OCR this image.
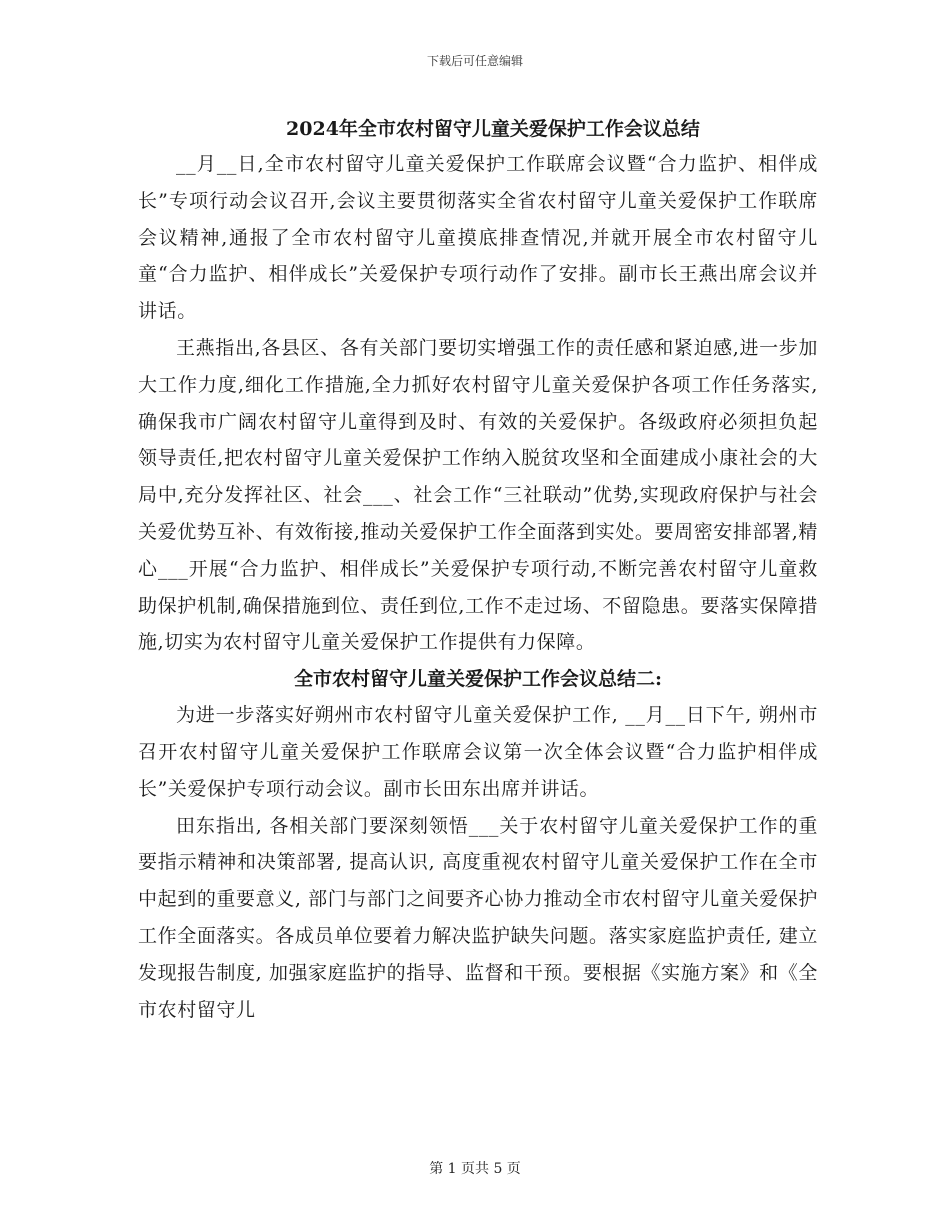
下载后可任意编辑
2024年全市农村留守儿童关爱保护工作会议总结

__月__日,全市农村留守儿童关爱保护工作联席会议暨“合力监护、相伴成长”专项行动会议召开,会议主要贯彻落实全省农村留守儿童关爱保护工作联席会议精神,通报了全市农村留守儿童摸底排查情况,并就开展全市农村留守儿童“合力监护、相伴成长”关爱保护专项行动作了安排。副市长王燕出席会议并讲话。

王燕指出,各县区、各有关部门要切实增强工作的责任感和紧迫感,进一步加大工作力度,细化工作措施,全力抓好农村留守儿童关爱保护各项工作任务落实,确保我市广阔农村留守儿童得到及时、有效的关爱保护。各级政府必须担负起领导责任,把农村留守儿童关爱保护工作纳入脱贫攻坚和全面建成小康社会的大局中,充分发挥社区、社会___、社会工作“三社联动”优势,实现政府保护与社会关爱优势互补、有效衔接,推动关爱保护工作全面落到实处。要周密安排部署,精心___开展“合力监护、相伴成长”关爱保护专项行动,不断完善农村留守儿童救助保护机制,确保措施到位、责任到位,工作不走过场、不留隐患。要落实保障措施,切实为农村留守儿童关爱保护工作提供有力保障。

全市农村留守儿童关爱保护工作会议总结二:

为进一步落实好朔州市农村留守儿童关爱保护工作, __月__日下午, 朔州市召开农村留守儿童关爱保护工作联席会议第一次全体会议暨“合力监护相伴成长”关爱保护专项行动会议。副市长田东出席并讲话。

田东指出, 各相关部门要深刻领悟___关于农村留守儿童关爱保护工作的重要指示精神和决策部署, 提高认识, 高度重视农村留守儿童关爱保护工作在全市中起到的重要意义, 部门与部门之间要齐心协力推动全市农村留守儿童关爱保护工作全面落实。各成员单位要着力解决监护缺失问题。落实家庭监护责任, 建立发现报告制度, 加强家庭监护的指导、监督和干预。要根据《实施方案》和《全市农村留守儿

第 1 页共 5 页
